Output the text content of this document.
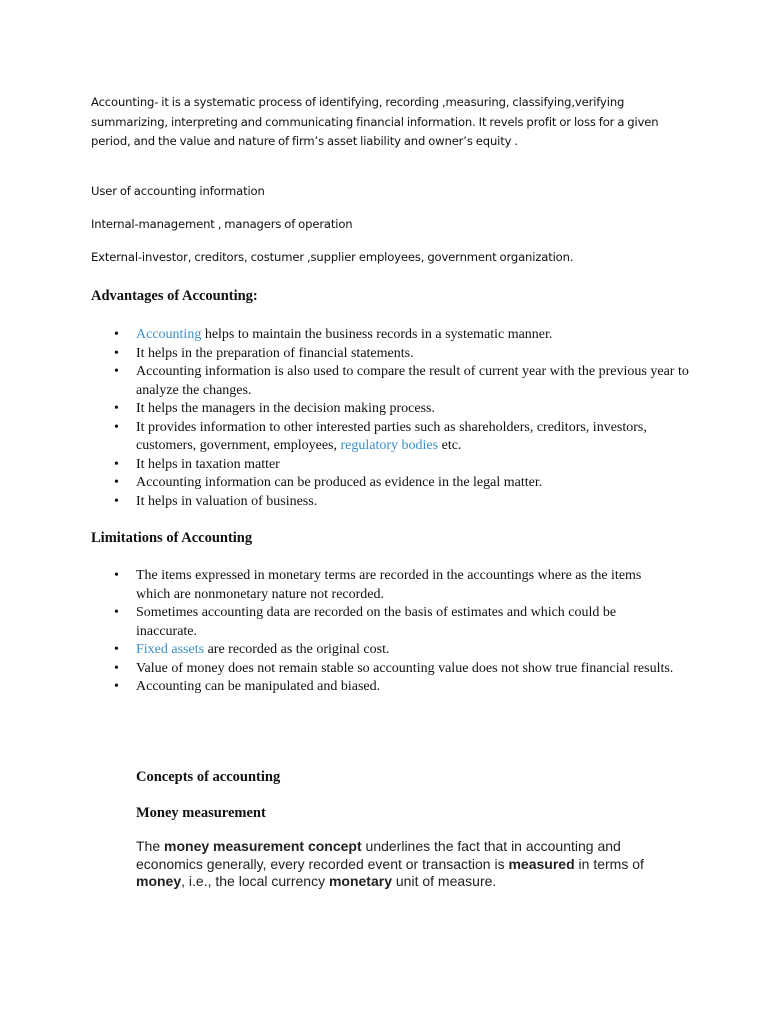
Accounting- it is a systematic process of identifying, recording ,measuring, classifying,verifying summarizing, interpreting and communicating financial information. It revels profit or loss for a given period, and the value and nature of firm’s asset liability and owner’s equity .

User of accounting information

Internal-management , managers of operation

External-investor, creditors, costumer ,supplier employees, government organization.

Advantages of Accounting:
• Accounting helps to maintain the business records in a systematic manner.
• It helps in the preparation of financial statements.
• Accounting information is also used to compare the result of current year with the previous year to analyze the changes.
• It helps the managers in the decision making process.
• It provides information to other interested parties such as shareholders, creditors, investors, customers, government, employees, regulatory bodies etc.
• It helps in taxation matter
• Accounting information can be produced as evidence in the legal matter.
• It helps in valuation of business.
Limitations of Accounting
• The items expressed in monetary terms are recorded in the accountings where as the items which are nonmonetary nature not recorded.
• Sometimes accounting data are recorded on the basis of estimates and which could be inaccurate.
• Fixed assets are recorded as the original cost.
• Value of money does not remain stable so accounting value does not show true financial results.
• Accounting can be manipulated and biased.
Concepts of accounting
Money measurement

The money measurement concept underlines the fact that in accounting and economics generally, every recorded event or transaction is measured in terms of money, i.e., the local currency monetary unit of measure.
